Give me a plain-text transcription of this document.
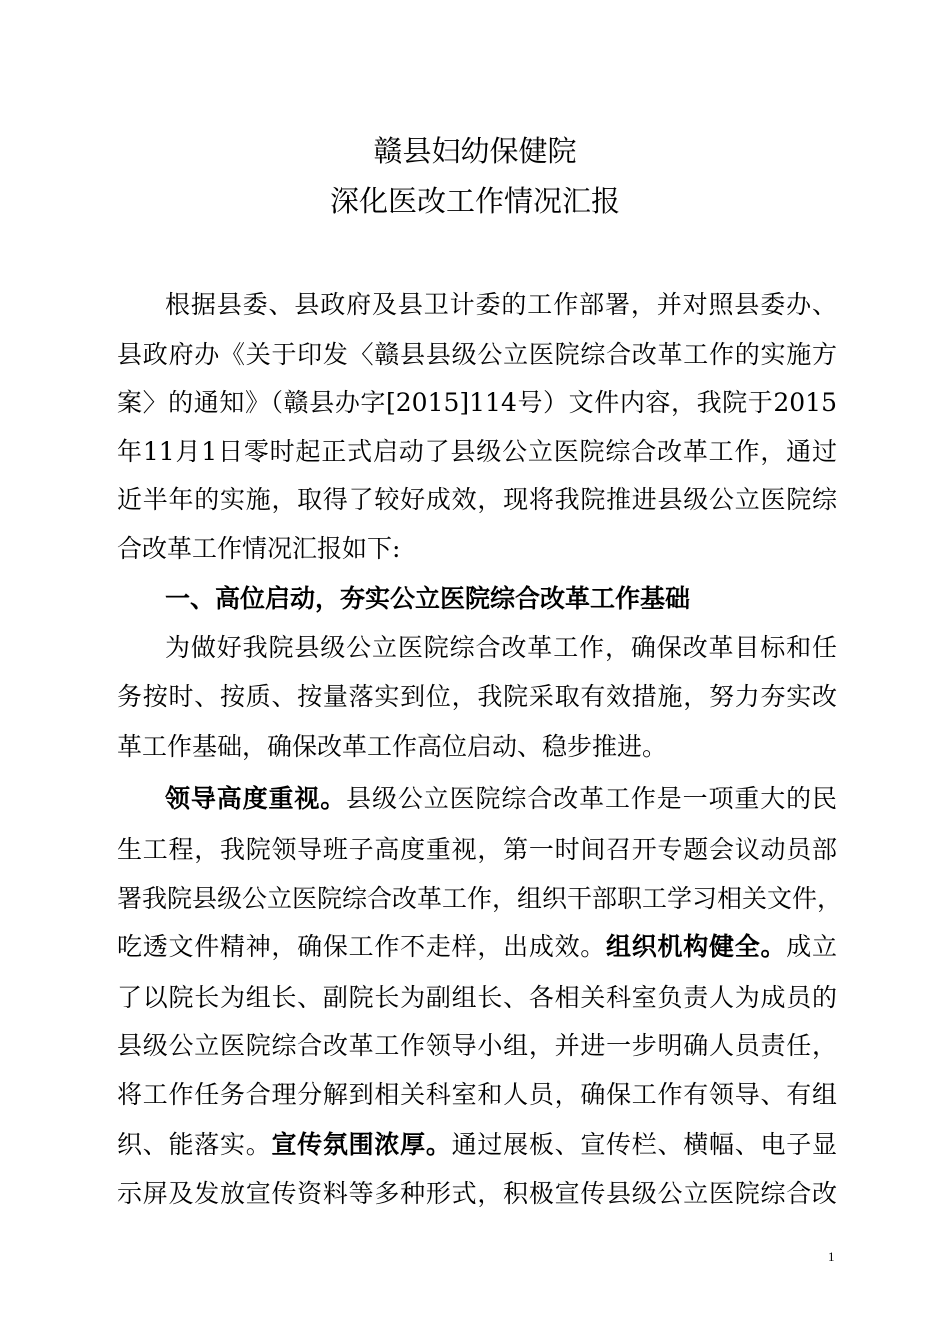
赣县妇幼保健院
深化医改工作情况汇报
根据县委、县政府及县卫计委的工作部署，并对照县委办、
县政府办《关于印发〈赣县县级公立医院综合改革工作的实施方
案〉的通知》（赣县办字[2015]114号）文件内容，我院于2015
年11月1日零时起正式启动了县级公立医院综合改革工作，通过
近半年的实施，取得了较好成效，现将我院推进县级公立医院综
合改革工作情况汇报如下:
一、高位启动，夯实公立医院综合改革工作基础
为做好我院县级公立医院综合改革工作，确保改革目标和任
务按时、按质、按量落实到位，我院采取有效措施，努力夯实改
革工作基础，确保改革工作高位启动、稳步推进。
领导高度重视。县级公立医院综合改革工作是一项重大的民
生工程，我院领导班子高度重视，第一时间召开专题会议动员部
署我院县级公立医院综合改革工作，组织干部职工学习相关文件，
吃透文件精神，确保工作不走样，出成效。组织机构健全。成立
了以院长为组长、副院长为副组长、各相关科室负责人为成员的
县级公立医院综合改革工作领导小组，并进一步明确人员责任，
将工作任务合理分解到相关科室和人员，确保工作有领导、有组
织、能落实。宣传氛围浓厚。通过展板、宣传栏、横幅、电子显
示屏及发放宣传资料等多种形式，积极宣传县级公立医院综合改
1
